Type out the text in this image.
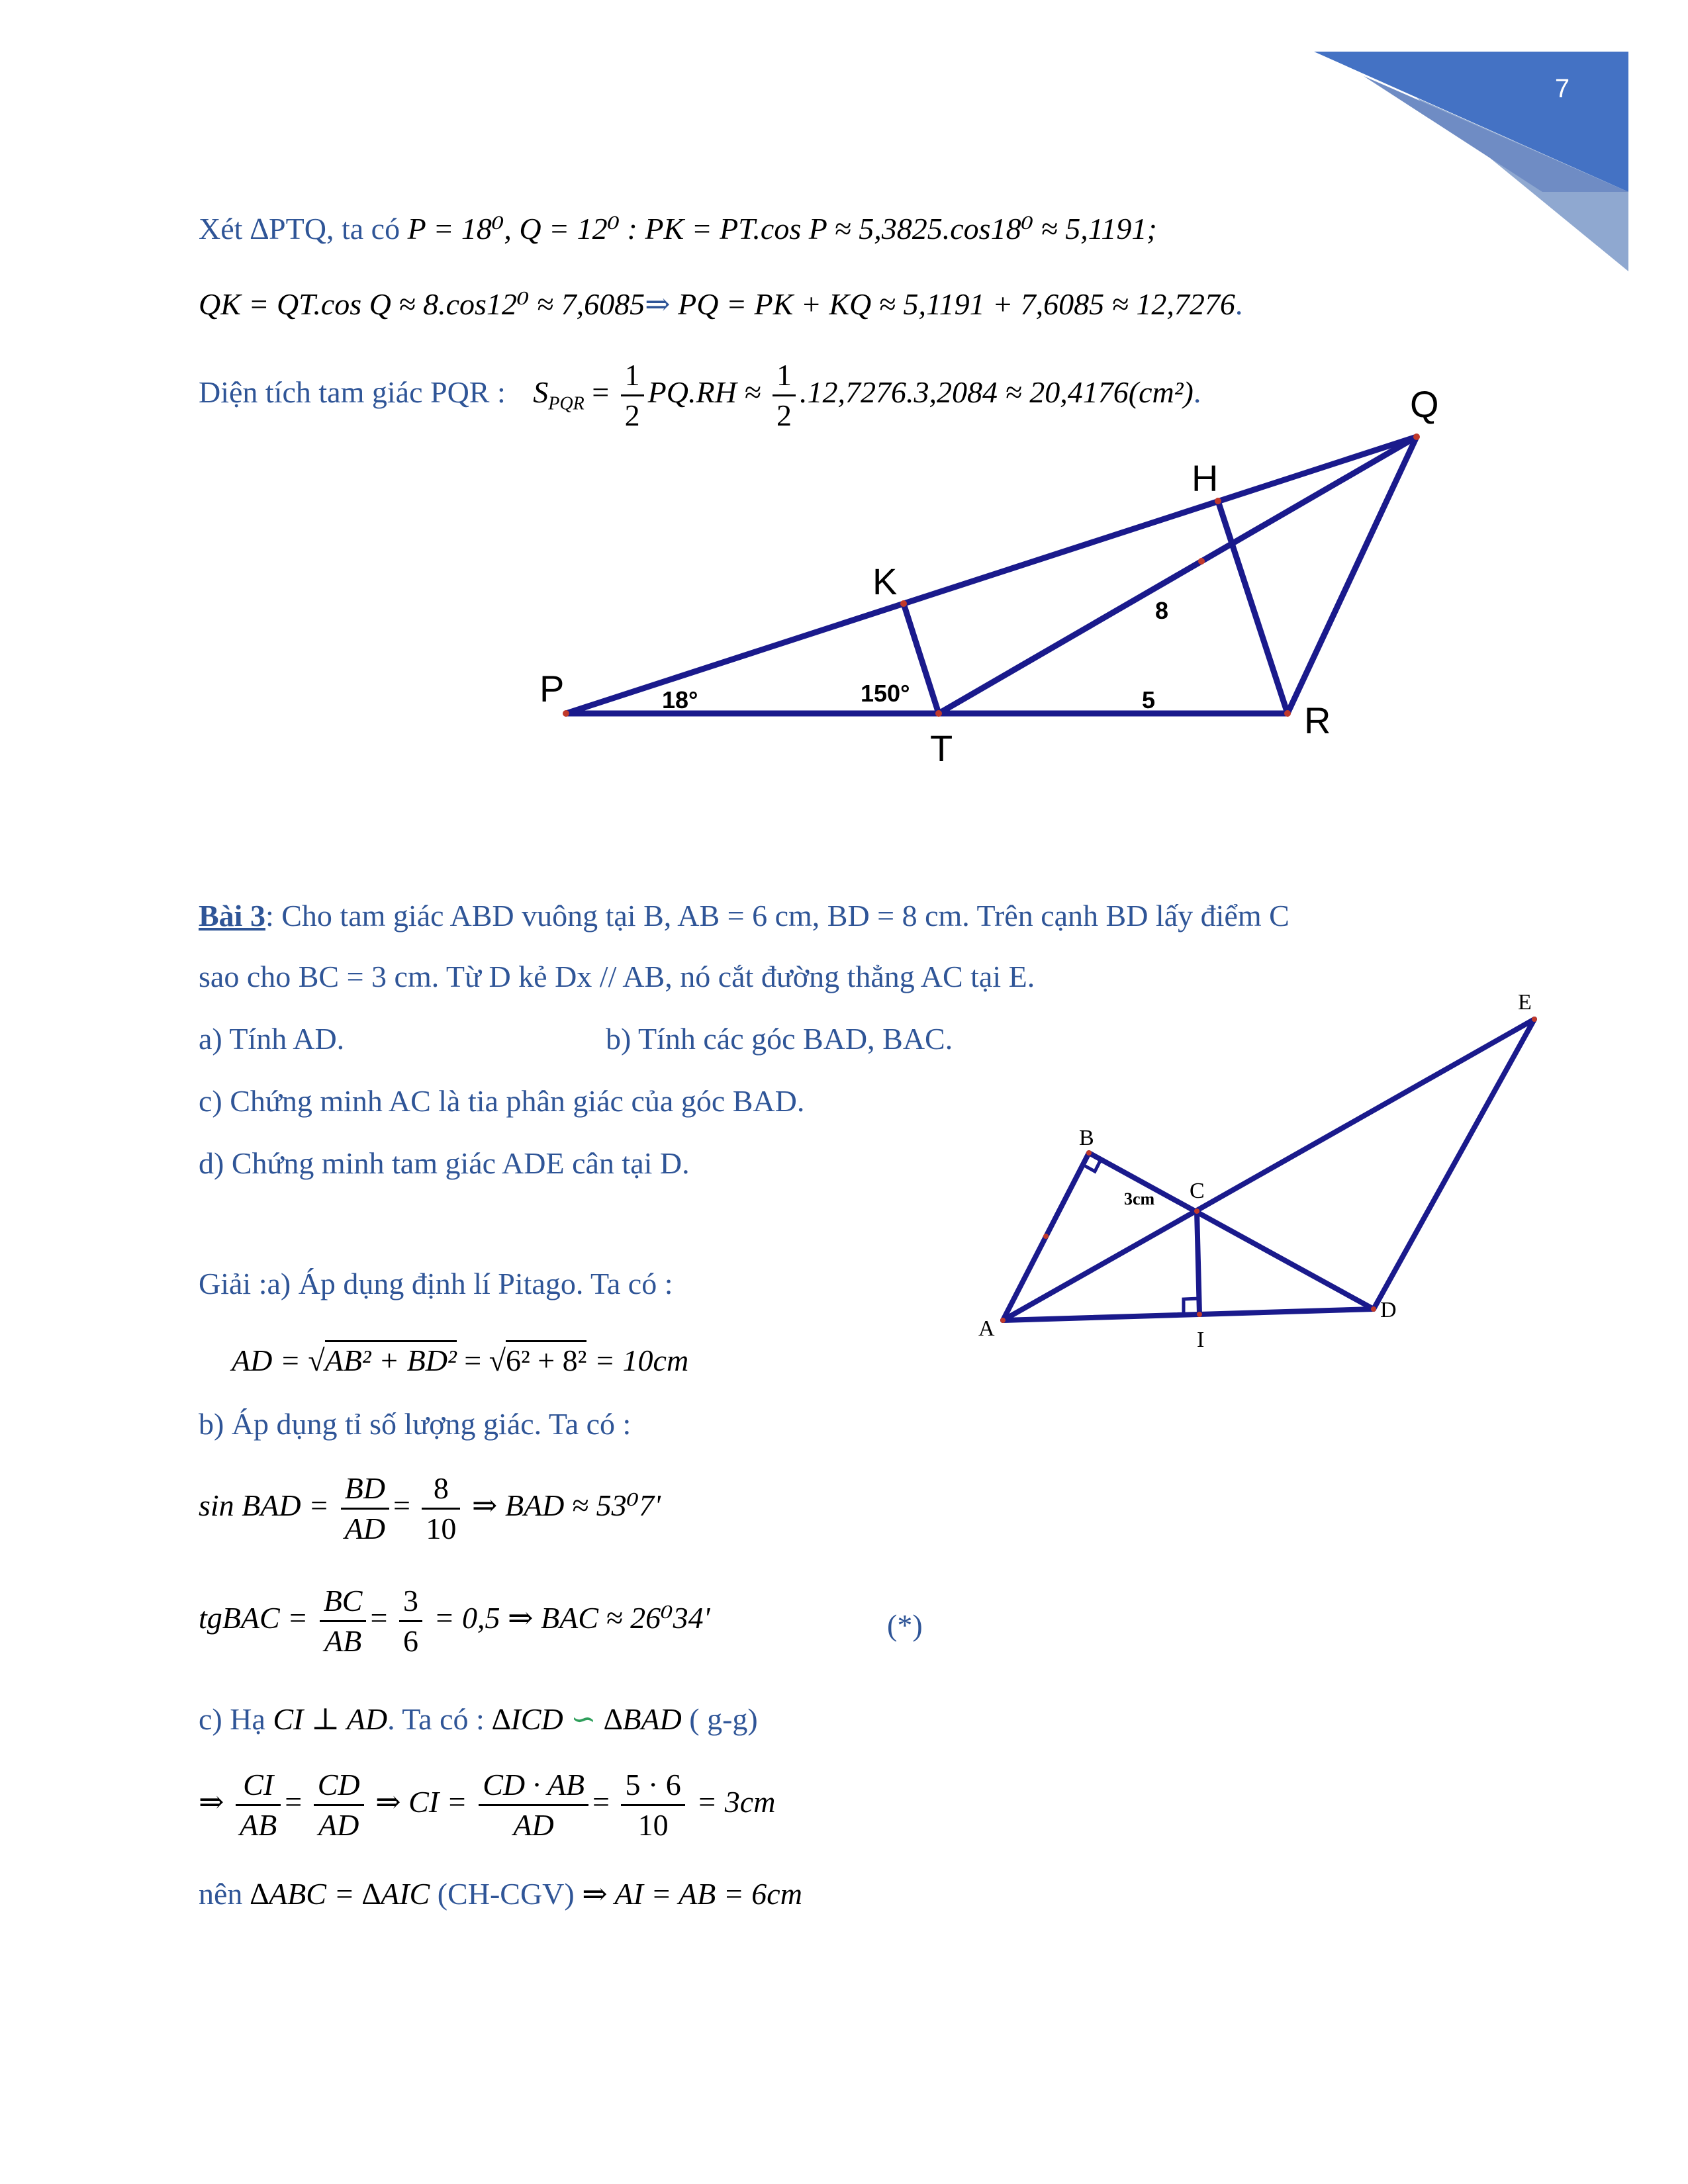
7
Xét ∆PTQ, ta có P = 18⁰, Q = 12⁰ : PK = PT.cos P ≈ 5,3825.cos18⁰ ≈ 5,1191;
QK = QT.cos Q ≈ 8.cos12⁰ ≈ 7,6085⇒ PQ = PK + KQ ≈ 5,1191 + 7,6085 ≈ 12,7276.
Diện tích tam giác PQR : $S_{PQR} = \frac{1}{2} PQ.RH \approx \frac{1}{2} .12,7276.3,2084 \approx 20,4176(cm^2)$.
P
K
H
Q
T
R
18°	150°
8
5
Bài 3: Cho tam giác ABD vuông tại B, AB = 6 cm, BD = 8 cm. Trên cạnh BD lấy điểm C
sao cho BC = 3 cm. Từ D kẻ Dx // AB, nó cắt đường thẳng AC tại E.
a) Tính AD.	b) Tính các góc BAD, BAC.
c) Chứng minh AC là tia phân giác của góc BAD.
d) Chứng minh tam giác ADE cân tại D.
A
B
C
D
E
I
3cm
Giải :a) Áp dụng định lí Pitago. Ta có :
AD = √AB² + BD² = √6² + 8² = 10cm
b) Áp dụng tỉ số lượng giác. Ta có :
sin BAD = $\frac{BD}{AD} = \frac{8}{10}$ ⇒ BAD ≈ 53⁰7'
tgBAC = $\frac{BC}{AB} = \frac{3}{6} = 0,5$ ⇒ BAC ≈ 26⁰34'	(*)
c) Hạ CI ⊥ AD. Ta có : ∆ICD ∽ ∆BAD ( g-g)
⇒ $\frac{CI}{AB} = \frac{CD}{AD}$ ⇒ CI = $\frac{CD \cdot AB}{AD} = \frac{5 \cdot 6}{10} = 3cm$
nên ∆ABC = ∆AIC (CH-CGV) ⇒ AI = AB = 6cm
